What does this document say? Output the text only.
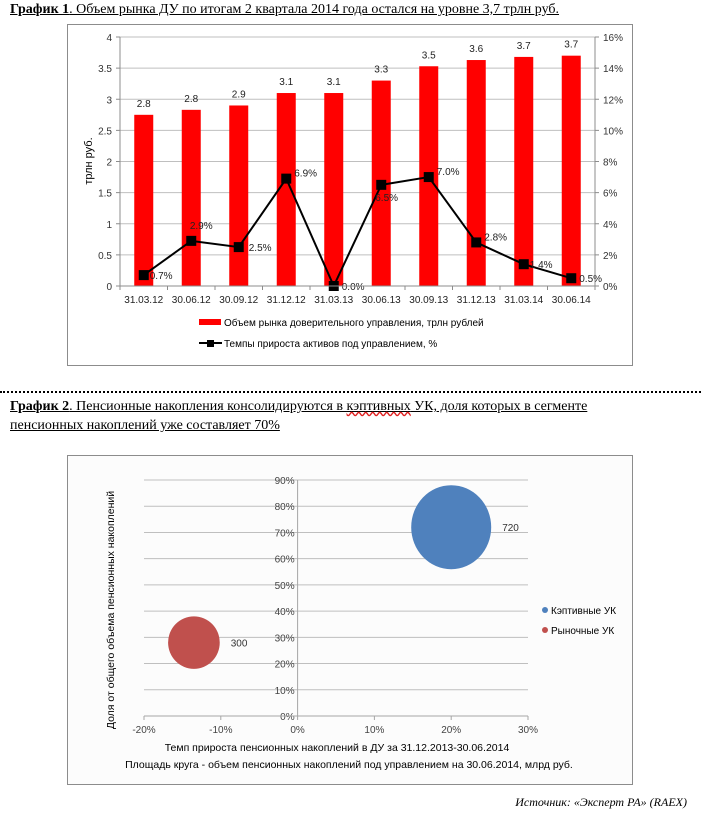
График 1. Объем рынка ДУ по итогам 2 квартала 2014 года остался на уровне 3,7 трлн руб.
2.8	2.8	2.9
3.1	3.1
3.3
3.5
3.6	3.7	3.7
0.7%
2.9%
2.5%
6.9%
0.0%
6.5%
7.0%
2.8%
1.4%
0.5%
0
0.5
1
1.5
2
2.5
3
3.5
4
0%
2%
4%
6%
8%
10%
12%
14%
16%
31.03.12 30.06.12 30.09.12 31.12.12 31.03.13 30.06.13 30.09.13 31.12.13 31.03.14 30.06.14
трлн руб.
Объем рынка доверительного управления, трлн рублей
Темпы прироста активов под управлением, %
График 2. Пенсионные накопления консолидируются в кэптивных УК, доля которых в сегменте
пенсионных накоплений уже составляет 70%
720
300
0%
10%
20%
30%
40%
50%
60%
70%
80%
90%
-20%	-10%	0%	10%	20%	30%
Доля от общего объема пенсионных накоплений
Темп прироста пенсионных накоплений в ДУ за 31.12.2013-30.06.2014
Площадь круга - объем пенсионных накоплений под управлением на 30.06.2014, млрд руб.
Кэптивные УК
Рыночные УК
Источник: «Эксперт РА» (RAEX)
